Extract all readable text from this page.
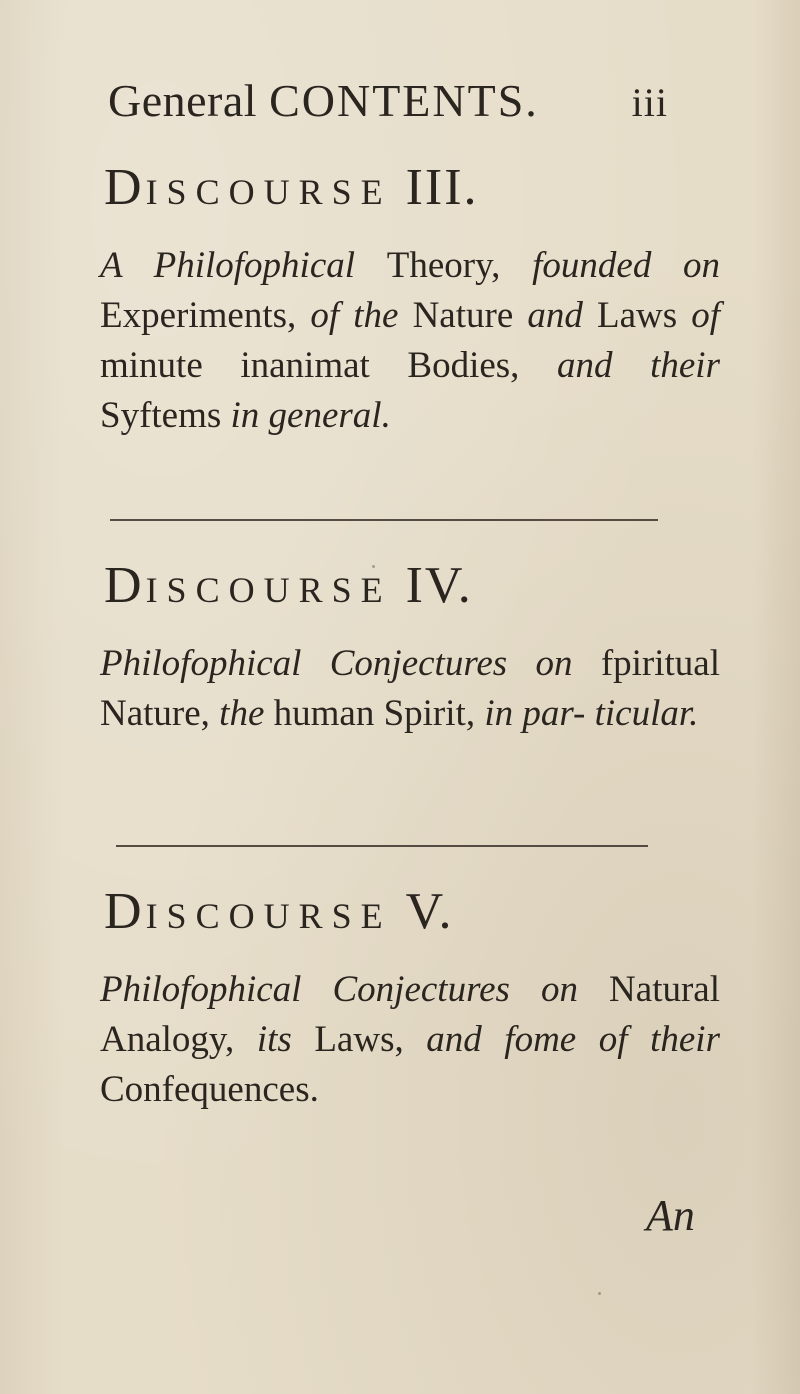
General CONTENTS. iii
DISCOURSE III.

A Philofophical Theory, founded on Experiments, of the Nature and Laws of minute inanimat Bodies, and their Syftems in general.

DISCOURSE IV.

Philofophical Conjectures on fpiritual Nature, the human Spirit, in par- ticular.

DISCOURSE V.

Philofophical Conjectures on Natural Analogy, its Laws, and fome of their Confequences.

An
